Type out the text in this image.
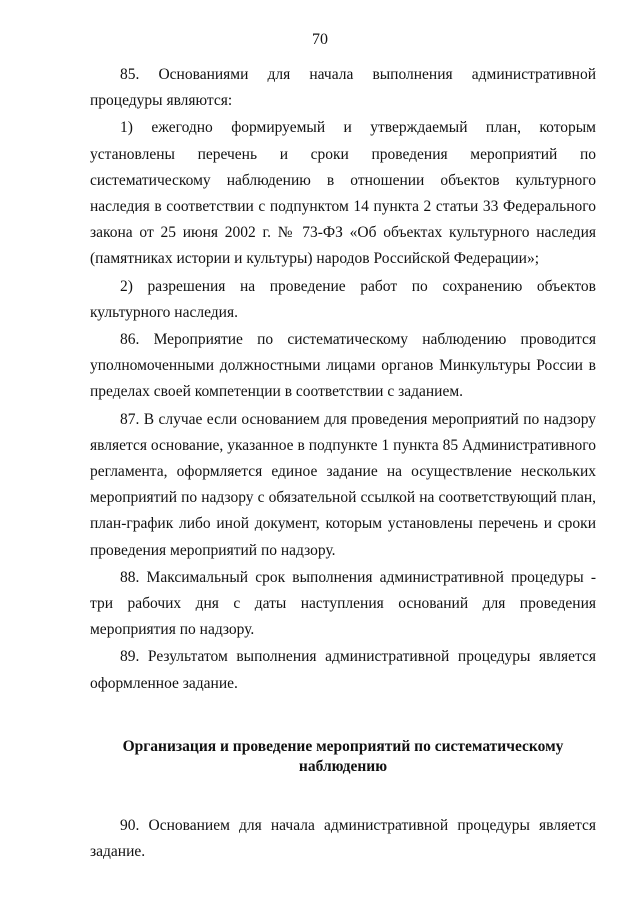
70

85. Основаниями для начала выполнения административной процедуры являются:

1) ежегодно формируемый и утверждаемый план, которым установлены перечень и сроки проведения мероприятий по систематическому наблюдению в отношении объектов культурного наследия в соответствии с подпунктом 14 пункта 2 статьи 33 Федерального закона от 25 июня 2002 г. № 73-ФЗ «Об объектах культурного наследия (памятниках истории и культуры) народов Российской Федерации»;

2) разрешения на проведение работ по сохранению объектов культурного наследия.

86. Мероприятие по систематическому наблюдению проводится уполномоченными должностными лицами органов Минкультуры России в пределах своей компетенции в соответствии с заданием.

87. В случае если основанием для проведения мероприятий по надзору является основание, указанное в подпункте 1 пункта 85 Административного регламента, оформляется единое задание на осуществление нескольких мероприятий по надзору с обязательной ссылкой на соответствующий план, план-график либо иной документ, которым установлены перечень и сроки проведения мероприятий по надзору.

88. Максимальный срок выполнения административной процедуры - три рабочих дня с даты наступления оснований для проведения мероприятия по надзору.

89. Результатом выполнения административной процедуры является оформленное задание.

Организация и проведение мероприятий по систематическому наблюдению

90. Основанием для начала административной процедуры является задание.
